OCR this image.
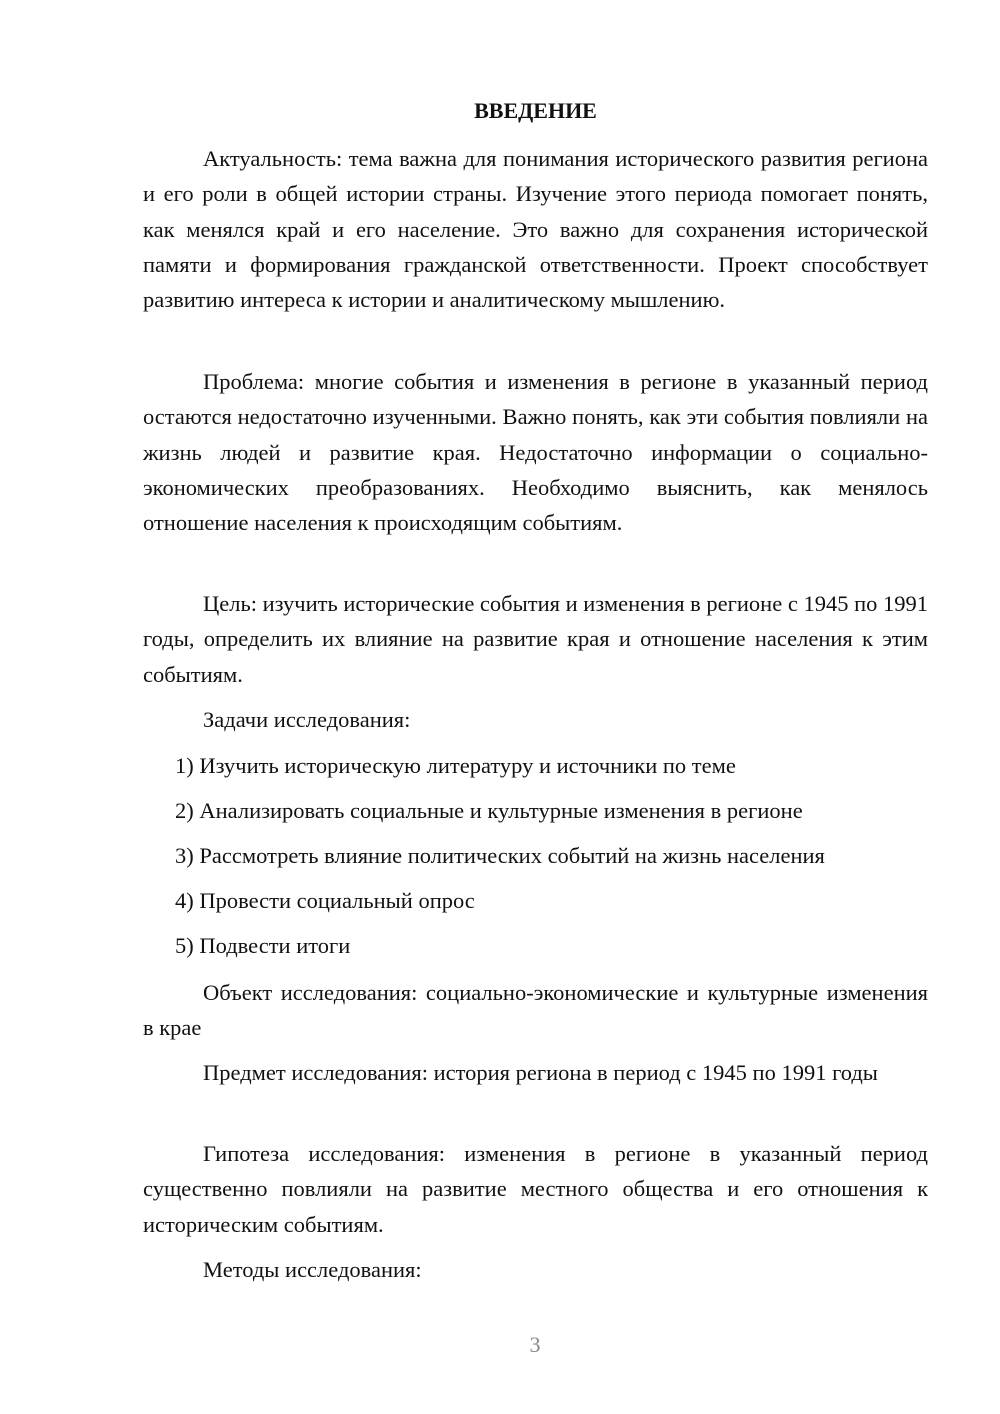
ВВЕДЕНИЕ

Актуальность: тема важна для понимания исторического развития региона и его роли в общей истории страны. Изучение этого периода помогает понять, как менялся край и его население. Это важно для сохранения исторической памяти и формирования гражданской ответственности. Проект способствует развитию интереса к истории и аналитическому мышлению.

Проблема: многие события и изменения в регионе в указанный период остаются недостаточно изученными. Важно понять, как эти события повлияли на жизнь людей и развитие края. Недостаточно информации о социально-экономических преобразованиях. Необходимо выяснить, как менялось отношение населения к происходящим событиям.

Цель: изучить исторические события и изменения в регионе с 1945 по 1991 годы, определить их влияние на развитие края и отношение населения к этим событиям.

Задачи исследования:

1) Изучить историческую литературу и источники по теме

2) Анализировать социальные и культурные изменения в регионе

3) Рассмотреть влияние политических событий на жизнь населения

4) Провести социальный опрос

5) Подвести итоги

Объект исследования: социально-экономические и культурные изменения в крае

Предмет исследования: история региона в период с 1945 по 1991 годы

Гипотеза исследования: изменения в регионе в указанный период существенно повлияли на развитие местного общества и его отношения к историческим событиям.

Методы исследования:

3
